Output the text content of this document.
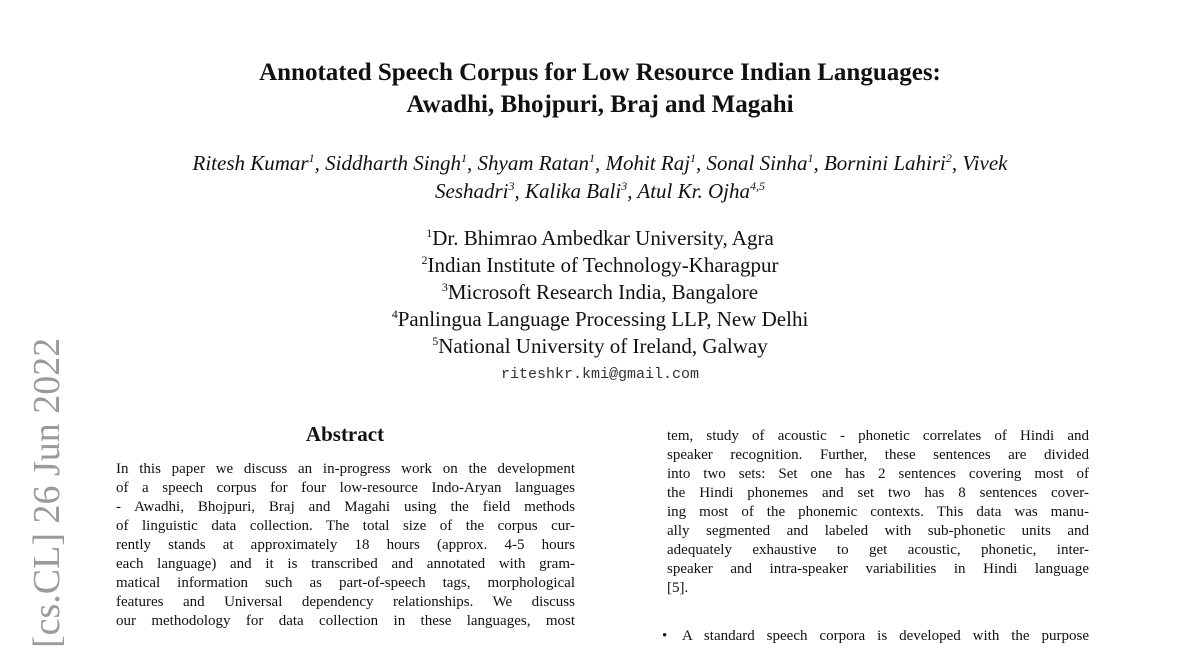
Annotated Speech Corpus for Low Resource Indian Languages:
Awadhi, Bhojpuri, Braj and Magahi
Ritesh Kumar$^1$, Siddharth Singh$^1$, Shyam Ratan$^1$, Mohit Raj$^1$, Sonal Sinha$^1$, Bornini Lahiri$^2$, Vivek
Seshadri$^3$, Kalika Bali$^3$, Atul Kr. Ojha$^{4,5}$
$^1$Dr. Bhimrao Ambedkar University, Agra
$^2$Indian Institute of Technology-Kharagpur
$^3$Microsoft Research India, Bangalore
$^4$Panlingua Language Processing LLP, New Delhi
$^5$National University of Ireland, Galway
riteshkr.kmi@gmail.com
[cs.CL] 26 Jun 2022	Abstract
In this paper we discuss an in-progress work on the development
of a speech corpus for four low-resource Indo-Aryan languages
- Awadhi, Bhojpuri, Braj and Magahi using the field methods
of linguistic data collection. The total size of the corpus cur-
rently stands at approximately 18 hours (approx. 4-5 hours
each language) and it is transcribed and annotated with gram-
matical information such as part-of-speech tags, morphological
features and Universal dependency relationships. We discuss
our methodology for data collection in these languages, most
tem, study of acoustic - phonetic correlates of Hindi and
speaker recognition. Further, these sentences are divided
into two sets: Set one has 2 sentences covering most of
the Hindi phonemes and set two has 8 sentences cover-
ing most of the phonemic contexts. This data was manu-
ally segmented and labeled with sub-phonetic units and
adequately exhaustive to get acoustic, phonetic, inter-
speaker and intra-speaker variabilities in Hindi language
[5].
• A standard speech corpora is developed with the purpose
